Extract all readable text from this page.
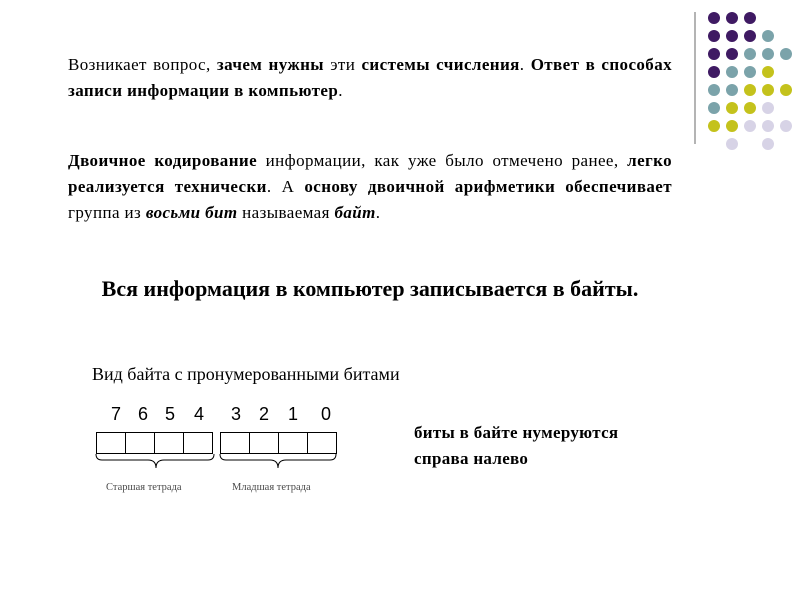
Возникает вопрос, зачем нужны эти системы счисления. Ответ в способах записи информации в компьютер.
Двоичное кодирование информации, как уже было отмечено ранее, легко реализуется технически. А основу двоичной арифметики обеспечивает группа из восьми бит называемая байт.
Вся информация в компьютер записывается в байты.
Вид байта с пронумерованными битами
7 6 5 4 3 2 1 0
Старшая тетрада	Младшая тетрада
биты в байте нумеруются
справа налево
